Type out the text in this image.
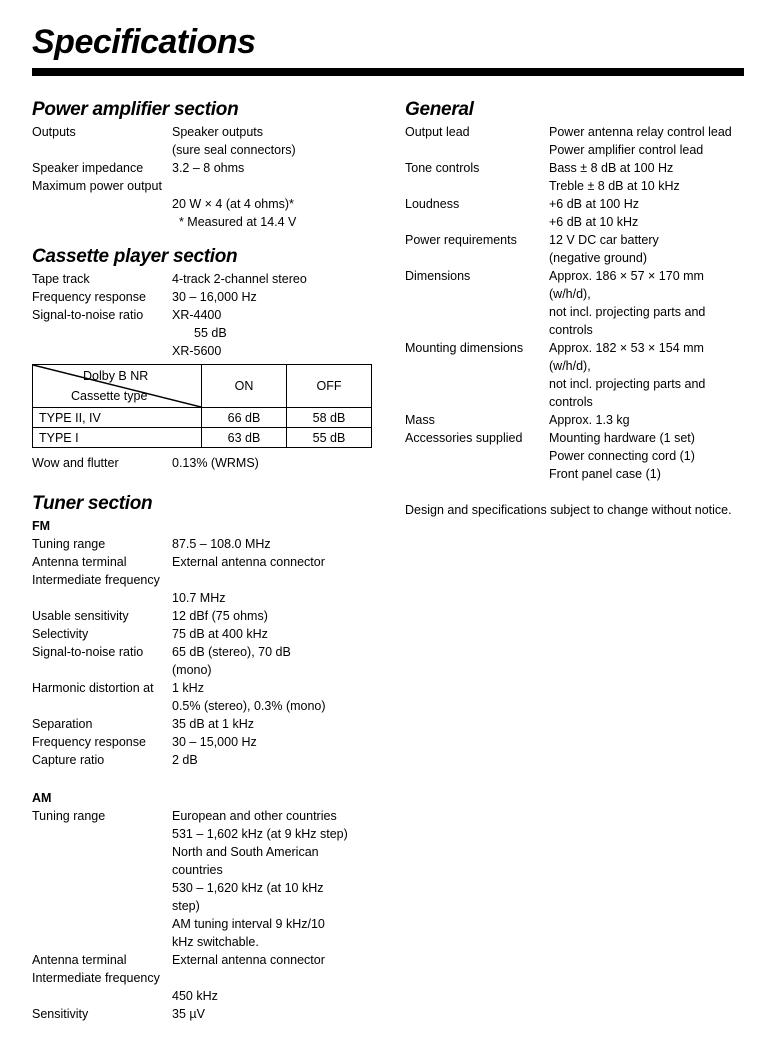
Specifications
Power amplifier section
Outputs	Speaker outputs
(sure seal connectors)
Speaker impedance	3.2 – 8 ohms
Maximum power output
20 W × 4 (at 4 ohms)*
* Measured at 14.4 V
Cassette player section
Tape track	4-track 2-channel stereo
Frequency response	30 – 16,000 Hz
Signal-to-noise ratio	XR-4400
55 dB
XR-5600
Dolby B NR
Cassette type	ON	OFF
TYPE II, IV	66 dB	58 dB
TYPE I	63 dB	55 dB
Wow and flutter	0.13% (WRMS)
Tuner section
FM
Tuning range	87.5 – 108.0 MHz
Antenna terminal	External antenna connector
Intermediate frequency
10.7 MHz
Usable sensitivity	12 dBf (75 ohms)
Selectivity	75 dB at 400 kHz
Signal-to-noise ratio	65 dB (stereo), 70 dB
(mono)
Harmonic distortion at	1 kHz
0.5% (stereo), 0.3% (mono)
Separation	35 dB at 1 kHz
Frequency response	30 – 15,000 Hz
Capture ratio	2 dB
AM
Tuning range	European and other countries
531 – 1,602 kHz (at 9 kHz step)
North and South American
countries
530 – 1,620 kHz (at 10 kHz
step)
AM tuning interval 9 kHz/10
kHz switchable.
Antenna terminal	External antenna connector
Intermediate frequency
450 kHz
Sensitivity	35 µV
General
Output lead	Power antenna relay control lead
Power amplifier control lead
Tone controls	Bass ± 8 dB at 100 Hz
Treble ± 8 dB at 10 kHz
Loudness	+6 dB at 100 Hz
+6 dB at 10 kHz
Power requirements	12 V DC car battery
(negative ground)
Dimensions	Approx. 186 × 57 × 170 mm
(w/h/d),
not incl. projecting parts and controls
Mounting dimensions	Approx. 182 × 53 × 154 mm
(w/h/d),
not incl. projecting parts and controls
Mass	Approx. 1.3 kg
Accessories supplied	Mounting hardware (1 set)
Power connecting cord (1)
Front panel case (1)
Design and specifications subject to change without notice.
